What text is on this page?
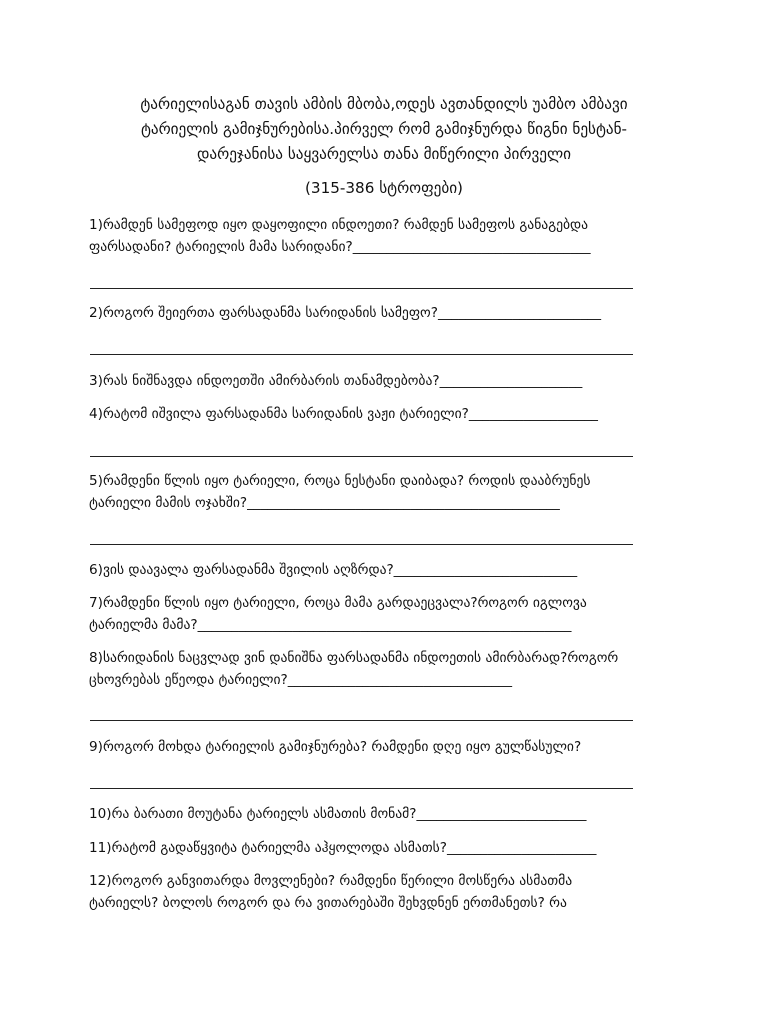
ტარიელისაგან თავის ამბის მბობა,ოდეს ავთანდილს უამბო ამბავი
ტარიელის გამიჯნურებისა.პირველ რომ გამიჯნურდა წიგნი ნესტან-
დარეჯანისა საყვარელსა თანა მიწერილი პირველი

(315-386 სტროფები)

1)რამდენ სამეფოდ იყო დაყოფილი ინდოეთი? რამდენ სამეფოს განაგებდა
ფარსადანი? ტარიელის მამა სარიდანი?___________________________________

2)როგორ შეიერთა ფარსადანმა სარიდანის სამეფო?________________________

3)რას ნიშნავდა ინდოეთში ამირბარის თანამდებობა?_____________________

4)რატომ იშვილა ფარსადანმა სარიდანის ვაჟი ტარიელი?___________________

5)რამდენი წლის იყო ტარიელი, როცა ნესტანი დაიბადა? როდის დააბრუნეს
ტარიელი მამის ოჯახში?______________________________________________

6)ვის დაავალა ფარსადანმა შვილის აღზრდა?___________________________

7)რამდენი წლის იყო ტარიელი, როცა მამა გარდაეცვალა?როგორ იგლოვა
ტარიელმა მამა?_______________________________________________________

8)სარიდანის ნაცვლად ვინ დანიშნა ფარსადანმა ინდოეთის ამირბარად?როგორ
ცხოვრებას ეწეოდა ტარიელი?_________________________________

9)როგორ მოხდა ტარიელის გამიჯნურება? რამდენი დღე იყო გულწასული?

10)რა ბარათი მოუტანა ტარიელს ასმათის მონამ?_________________________

11)რატომ გადაწყვიტა ტარიელმა აჰყოლოდა ასმათს?______________________

12)როგორ განვითარდა მოვლენები? რამდენი წერილი მოსწერა ასმათმა
ტარიელს? ბოლოს როგორ და რა ვითარებაში შეხვდნენ ერთმანეთს? რა
